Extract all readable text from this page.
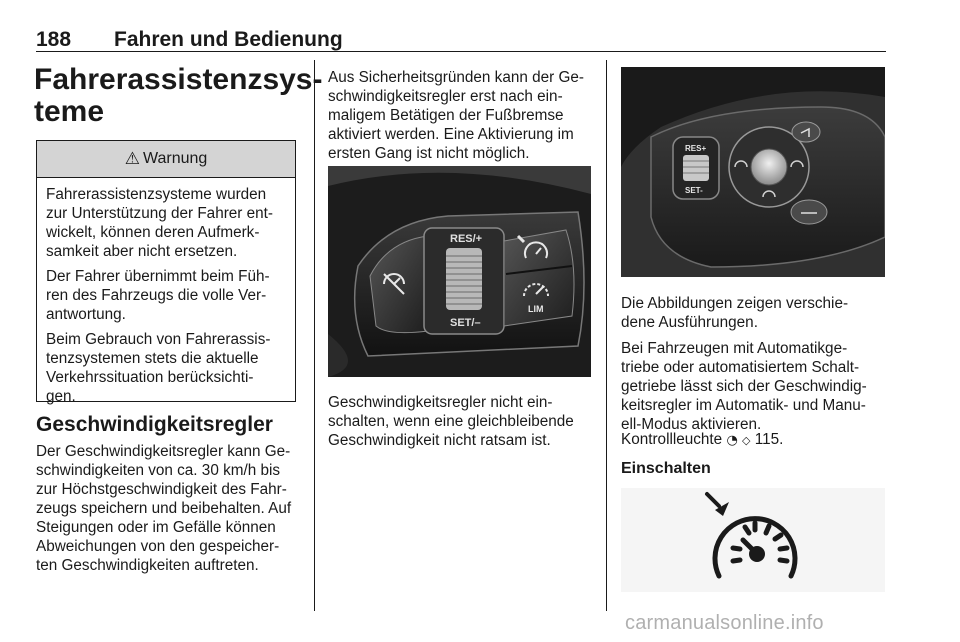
188 Fahren und Bedienung
Fahrerassistenzsys-
teme
⚠ Warnung
Fahrerassistenzsysteme wurden
zur Unterstützung der Fahrer ent-
wickelt, können deren Aufmerk-
samkeit aber nicht ersetzen.
Der Fahrer übernimmt beim Füh-
ren des Fahrzeugs die volle Ver-
antwortung.
Beim Gebrauch von Fahrerassis-
tenzsystemen stets die aktuelle
Verkehrssituation berücksichti-
gen.
Geschwindigkeitsregler
Der Geschwindigkeitsregler kann Ge-
schwindigkeiten von ca. 30 km/h bis
zur Höchstgeschwindigkeit des Fahr-
zeugs speichern und beibehalten. Auf
Steigungen oder im Gefälle können
Abweichungen von den gespeicher-
ten Geschwindigkeiten auftreten.
Aus Sicherheitsgründen kann der Ge-
schwindigkeitsregler erst nach ein-
maligem Betätigen der Fußbremse
aktiviert werden. Eine Aktivierung im
ersten Gang ist nicht möglich.
RES/+
SET/–
LIM
Geschwindigkeitsregler nicht ein-
schalten, wenn eine gleichbleibende
Geschwindigkeit nicht ratsam ist.
RES+
SET-
Die Abbildungen zeigen verschie-
dene Ausführungen.
Bei Fahrzeugen mit Automatikge-
triebe oder automatisiertem Schalt-
getriebe lässt sich der Geschwindig-
keitsregler im Automatik- und Manu-
ell-Modus aktivieren.
Kontrollleuchte ◔ ◇ 115.
Einschalten
carmanualsonline.info
